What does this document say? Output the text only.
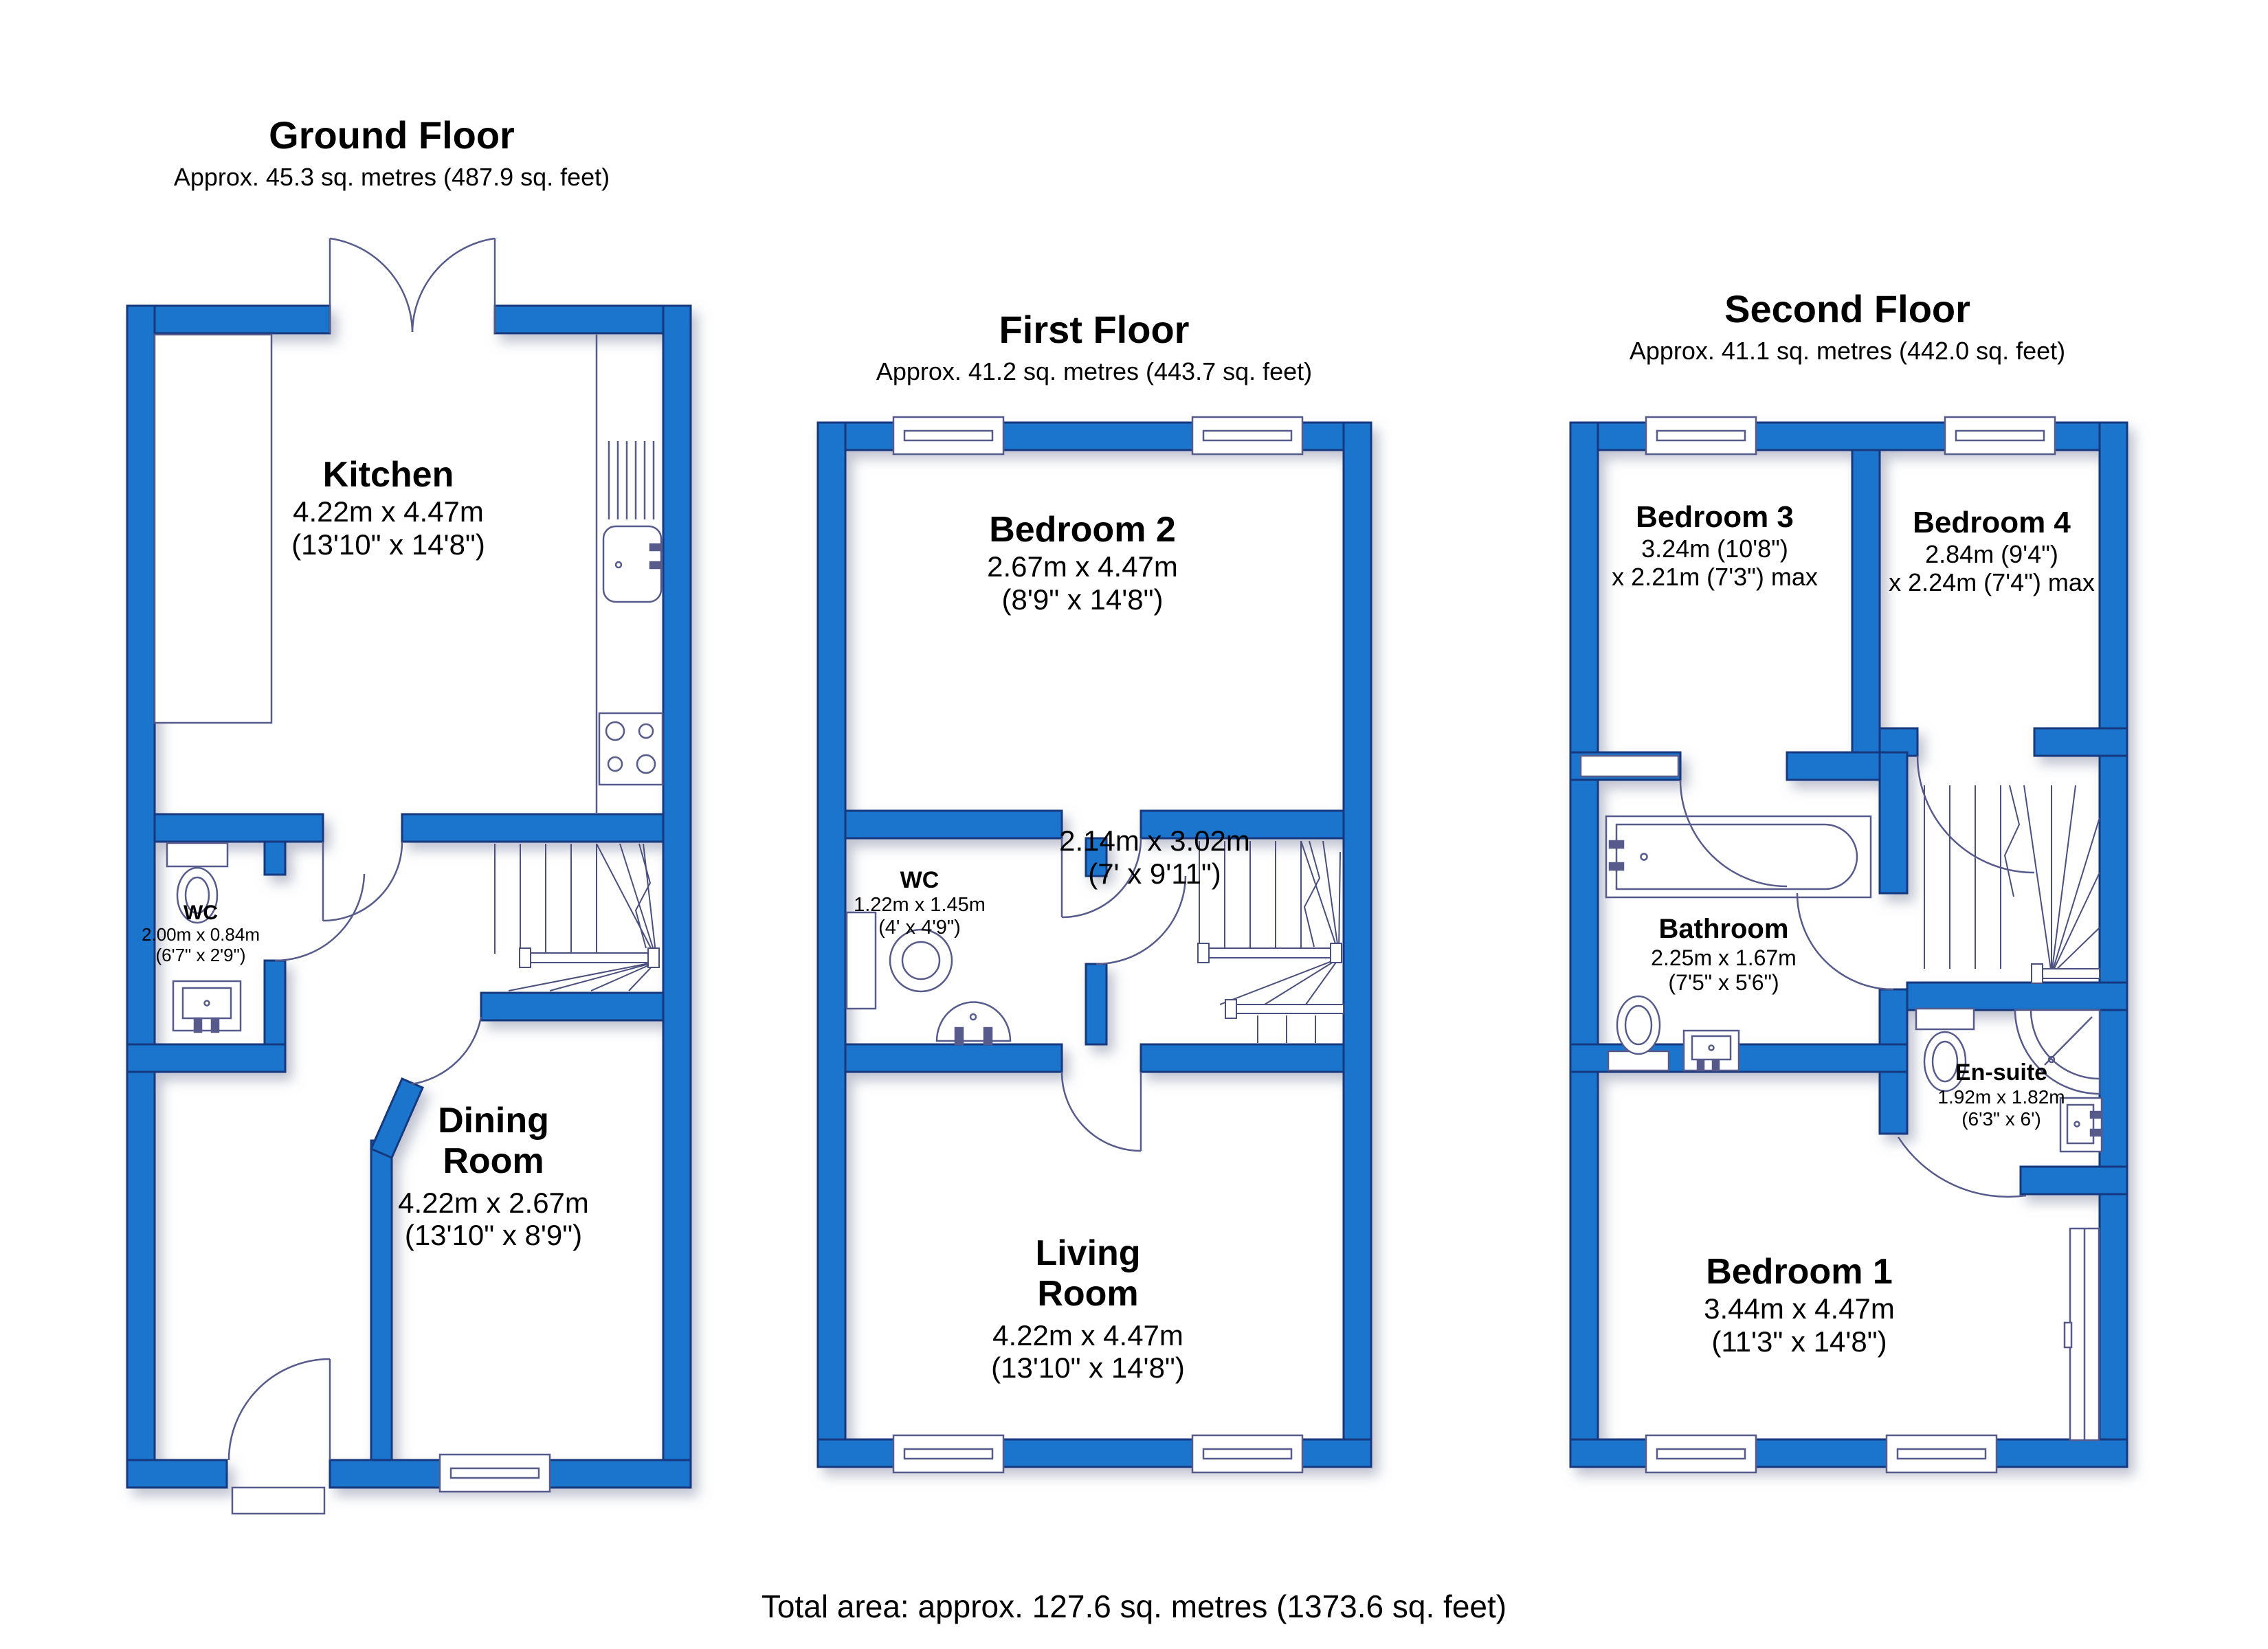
Ground Floor
Approx. 45.3 sq. metres (487.9 sq. feet)
Kitchen
4.22m x 4.47m
(13'10" x 14'8")
WC
2.00m x 0.84m
(6'7" x 2'9")
Dining
Room
4.22m x 2.67m
(13'10" x 8'9")
First Floor
Approx. 41.2 sq. metres (443.7 sq. feet)
Bedroom 2
2.67m x 4.47m
(8'9" x 14'8")
WC
1.22m x 1.45m
(4' x 4'9")
2.14m x 3.02m
(7' x 9'11")
Living
Room
4.22m x 4.47m
(13'10" x 14'8")
Second Floor
Approx. 41.1 sq. metres (442.0 sq. feet)
Bedroom 3
3.24m (10'8")
x 2.21m (7'3") max
Bedroom 4
2.84m (9'4")
x 2.24m (7'4") max
Bathroom
2.25m x 1.67m
(7'5" x 5'6")
En-suite
1.92m x 1.82m
(6'3" x 6')
Bedroom 1
3.44m x 4.47m
(11'3" x 14'8")
Total area: approx. 127.6 sq. metres (1373.6 sq. feet)
